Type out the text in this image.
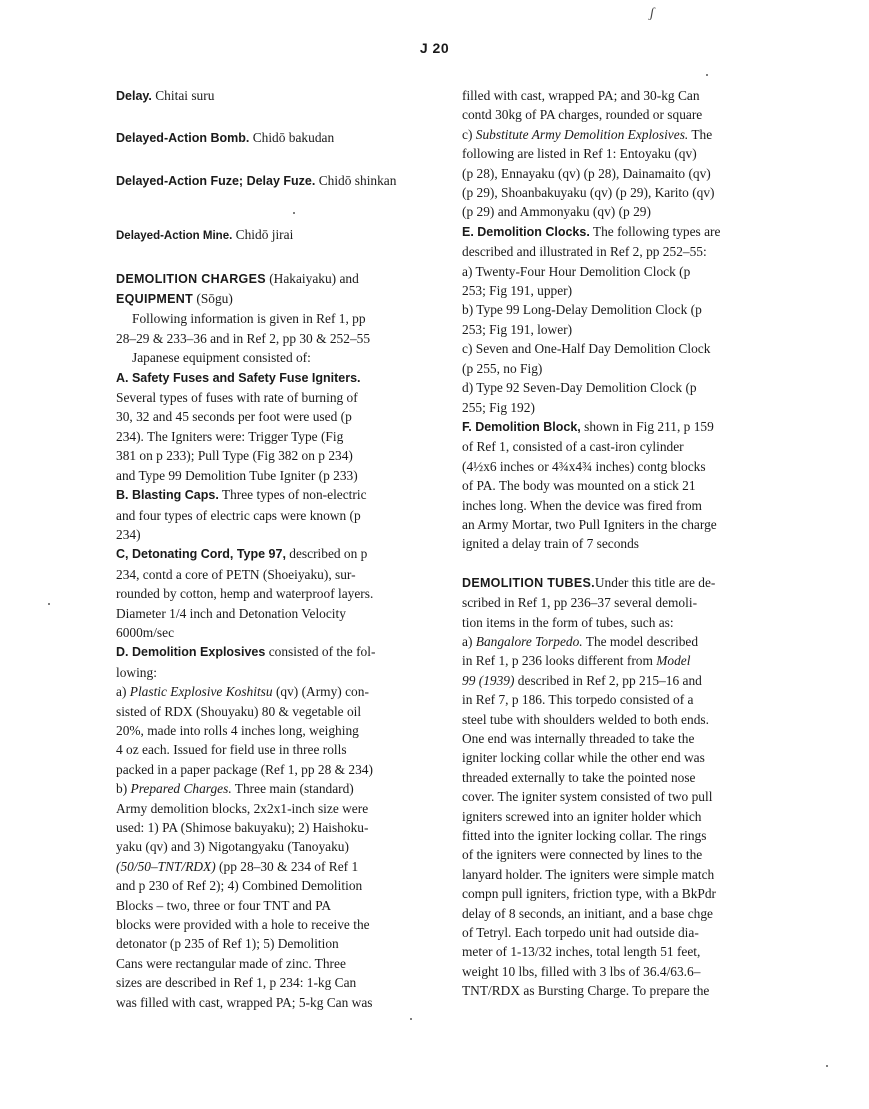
ʃ
J 20
Delay. Chitai suru
Delayed-Action Bomb. Chidō bakudan
Delayed-Action Fuze; Delay Fuze. Chidō shinkan
Delayed-Action Mine. Chidō jirai
DEMOLITION CHARGES (Hakaiyaku) and
EQUIPMENT (Sōgu)
Following information is given in Ref 1, pp
28–29 & 233–36 and in Ref 2, pp 30 & 252–55
Japanese equipment consisted of:
A. Safety Fuses and Safety Fuse Igniters.
Several types of fuses with rate of burning of
30, 32 and 45 seconds per foot were used (p
234). The Igniters were: Trigger Type (Fig
381 on p 233); Pull Type (Fig 382 on p 234)
and Type 99 Demolition Tube Igniter (p 233)
B. Blasting Caps. Three types of non-electric
and four types of electric caps were known (p
234)
C, Detonating Cord, Type 97, described on p
234, contd a core of PETN (Shoeiyaku), sur-
rounded by cotton, hemp and waterproof layers.
Diameter 1/4 inch and Detonation Velocity
6000m/sec
D. Demolition Explosives consisted of the fol-
lowing:
a) Plastic Explosive Koshitsu (qv) (Army) con-
sisted of RDX (Shouyaku) 80 & vegetable oil
20%, made into rolls 4 inches long, weighing
4 oz each. Issued for field use in three rolls
packed in a paper package (Ref 1, pp 28 & 234)
b) Prepared Charges. Three main (standard)
Army demolition blocks, 2x2x1-inch size were
used: 1) PA (Shimose bakuyaku); 2) Haishoku-
yaku (qv) and 3) Nigotangyaku (Tanoyaku)
(50/50–TNT/RDX) (pp 28–30 & 234 of Ref 1
and p 230 of Ref 2); 4) Combined Demolition
Blocks – two, three or four TNT and PA
blocks were provided with a hole to receive the
detonator (p 235 of Ref 1); 5) Demolition
Cans were rectangular made of zinc. Three
sizes are described in Ref 1, p 234: 1-kg Can
was filled with cast, wrapped PA; 5-kg Can was
filled with cast, wrapped PA; and 30-kg Can
contd 30kg of PA charges, rounded or square
c) Substitute Army Demolition Explosives. The
following are listed in Ref 1: Entoyaku (qv)
(p 28), Ennayaku (qv) (p 28), Dainamaito (qv)
(p 29), Shoanbakuyaku (qv) (p 29), Karito (qv)
(p 29) and Ammonyaku (qv) (p 29)
E. Demolition Clocks. The following types are
described and illustrated in Ref 2, pp 252–55:
a) Twenty-Four Hour Demolition Clock (p
253; Fig 191, upper)
b) Type 99 Long-Delay Demolition Clock (p
253; Fig 191, lower)
c) Seven and One-Half Day Demolition Clock
(p 255, no Fig)
d) Type 92 Seven-Day Demolition Clock (p
255; Fig 192)
F. Demolition Block, shown in Fig 211, p 159
of Ref 1, consisted of a cast-iron cylinder
(4½x6 inches or 4¾x4¾ inches) contg blocks
of PA. The body was mounted on a stick 21
inches long. When the device was fired from
an Army Mortar, two Pull Igniters in the charge
ignited a delay train of 7 seconds
DEMOLITION TUBES.Under this title are de-
scribed in Ref 1, pp 236–37 several demoli-
tion items in the form of tubes, such as:
a) Bangalore Torpedo. The model described
in Ref 1, p 236 looks different from Model
99 (1939) described in Ref 2, pp 215–16 and
in Ref 7, p 186. This torpedo consisted of a
steel tube with shoulders welded to both ends.
One end was internally threaded to take the
igniter locking collar while the other end was
threaded externally to take the pointed nose
cover. The igniter system consisted of two pull
igniters screwed into an igniter holder which
fitted into the igniter locking collar. The rings
of the igniters were connected by lines to the
lanyard holder. The igniters were simple match
compn pull igniters, friction type, with a BkPdr
delay of 8 seconds, an initiant, and a base chge
of Tetryl. Each torpedo unit had outside dia-
meter of 1-13/32 inches, total length 51 feet,
weight 10 lbs, filled with 3 lbs of 36.4/63.6–
TNT/RDX as Bursting Charge. To prepare the
